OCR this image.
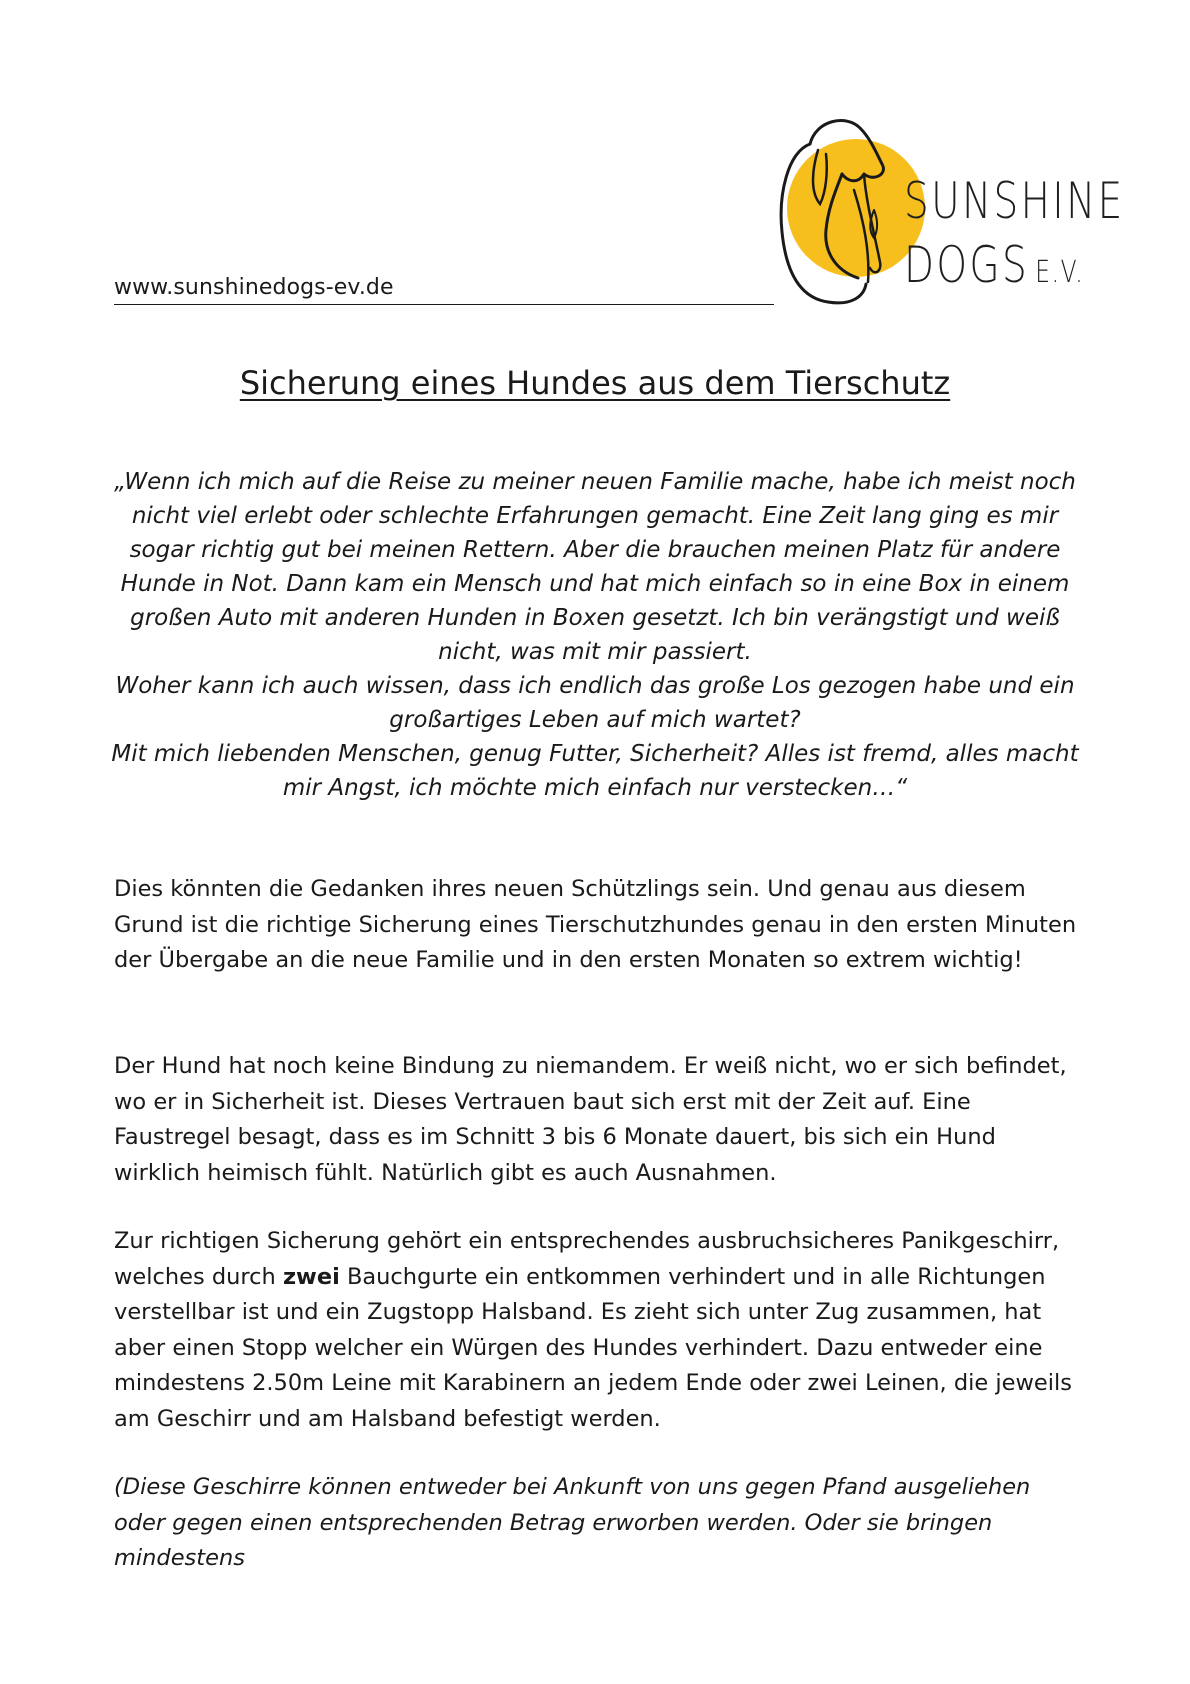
www.sunshinedogs-ev.de
SUNSHINE
DOGS E.V.
Sicherung eines Hundes aus dem Tierschutz

„Wenn ich mich auf die Reise zu meiner neuen Familie mache, habe ich meist noch nicht viel erlebt oder schlechte Erfahrungen gemacht. Eine Zeit lang ging es mir sogar richtig gut bei meinen Rettern. Aber die brauchen meinen Platz für andere Hunde in Not. Dann kam ein Mensch und hat mich einfach so in eine Box in einem großen Auto mit anderen Hunden in Boxen gesetzt. Ich bin verängstigt und weiß nicht, was mit mir passiert.

Woher kann ich auch wissen, dass ich endlich das große Los gezogen habe und ein großartiges Leben auf mich wartet?

Mit mich liebenden Menschen, genug Futter, Sicherheit? Alles ist fremd, alles macht mir Angst, ich möchte mich einfach nur verstecken…“

Dies könnten die Gedanken ihres neuen Schützlings sein. Und genau aus diesem Grund ist die richtige Sicherung eines Tierschutzhundes genau in den ersten Minuten der Übergabe an die neue Familie und in den ersten Monaten so extrem wichtig!

Der Hund hat noch keine Bindung zu niemandem. Er weiß nicht, wo er sich befindet, wo er in Sicherheit ist. Dieses Vertrauen baut sich erst mit der Zeit auf. Eine Faustregel besagt, dass es im Schnitt 3 bis 6 Monate dauert, bis sich ein Hund wirklich heimisch fühlt. Natürlich gibt es auch Ausnahmen.

Zur richtigen Sicherung gehört ein entsprechendes ausbruchsicheres Panikgeschirr, welches durch zwei Bauchgurte ein entkommen verhindert und in alle Richtungen verstellbar ist und ein Zugstopp Halsband. Es zieht sich unter Zug zusammen, hat aber einen Stopp welcher ein Würgen des Hundes verhindert. Dazu entweder eine mindestens 2.50m Leine mit Karabinern an jedem Ende oder zwei Leinen, die jeweils am Geschirr und am Halsband befestigt werden.

(Diese Geschirre können entweder bei Ankunft von uns gegen Pfand ausgeliehen oder gegen einen entsprechenden Betrag erworben werden. Oder sie bringen mindestens
